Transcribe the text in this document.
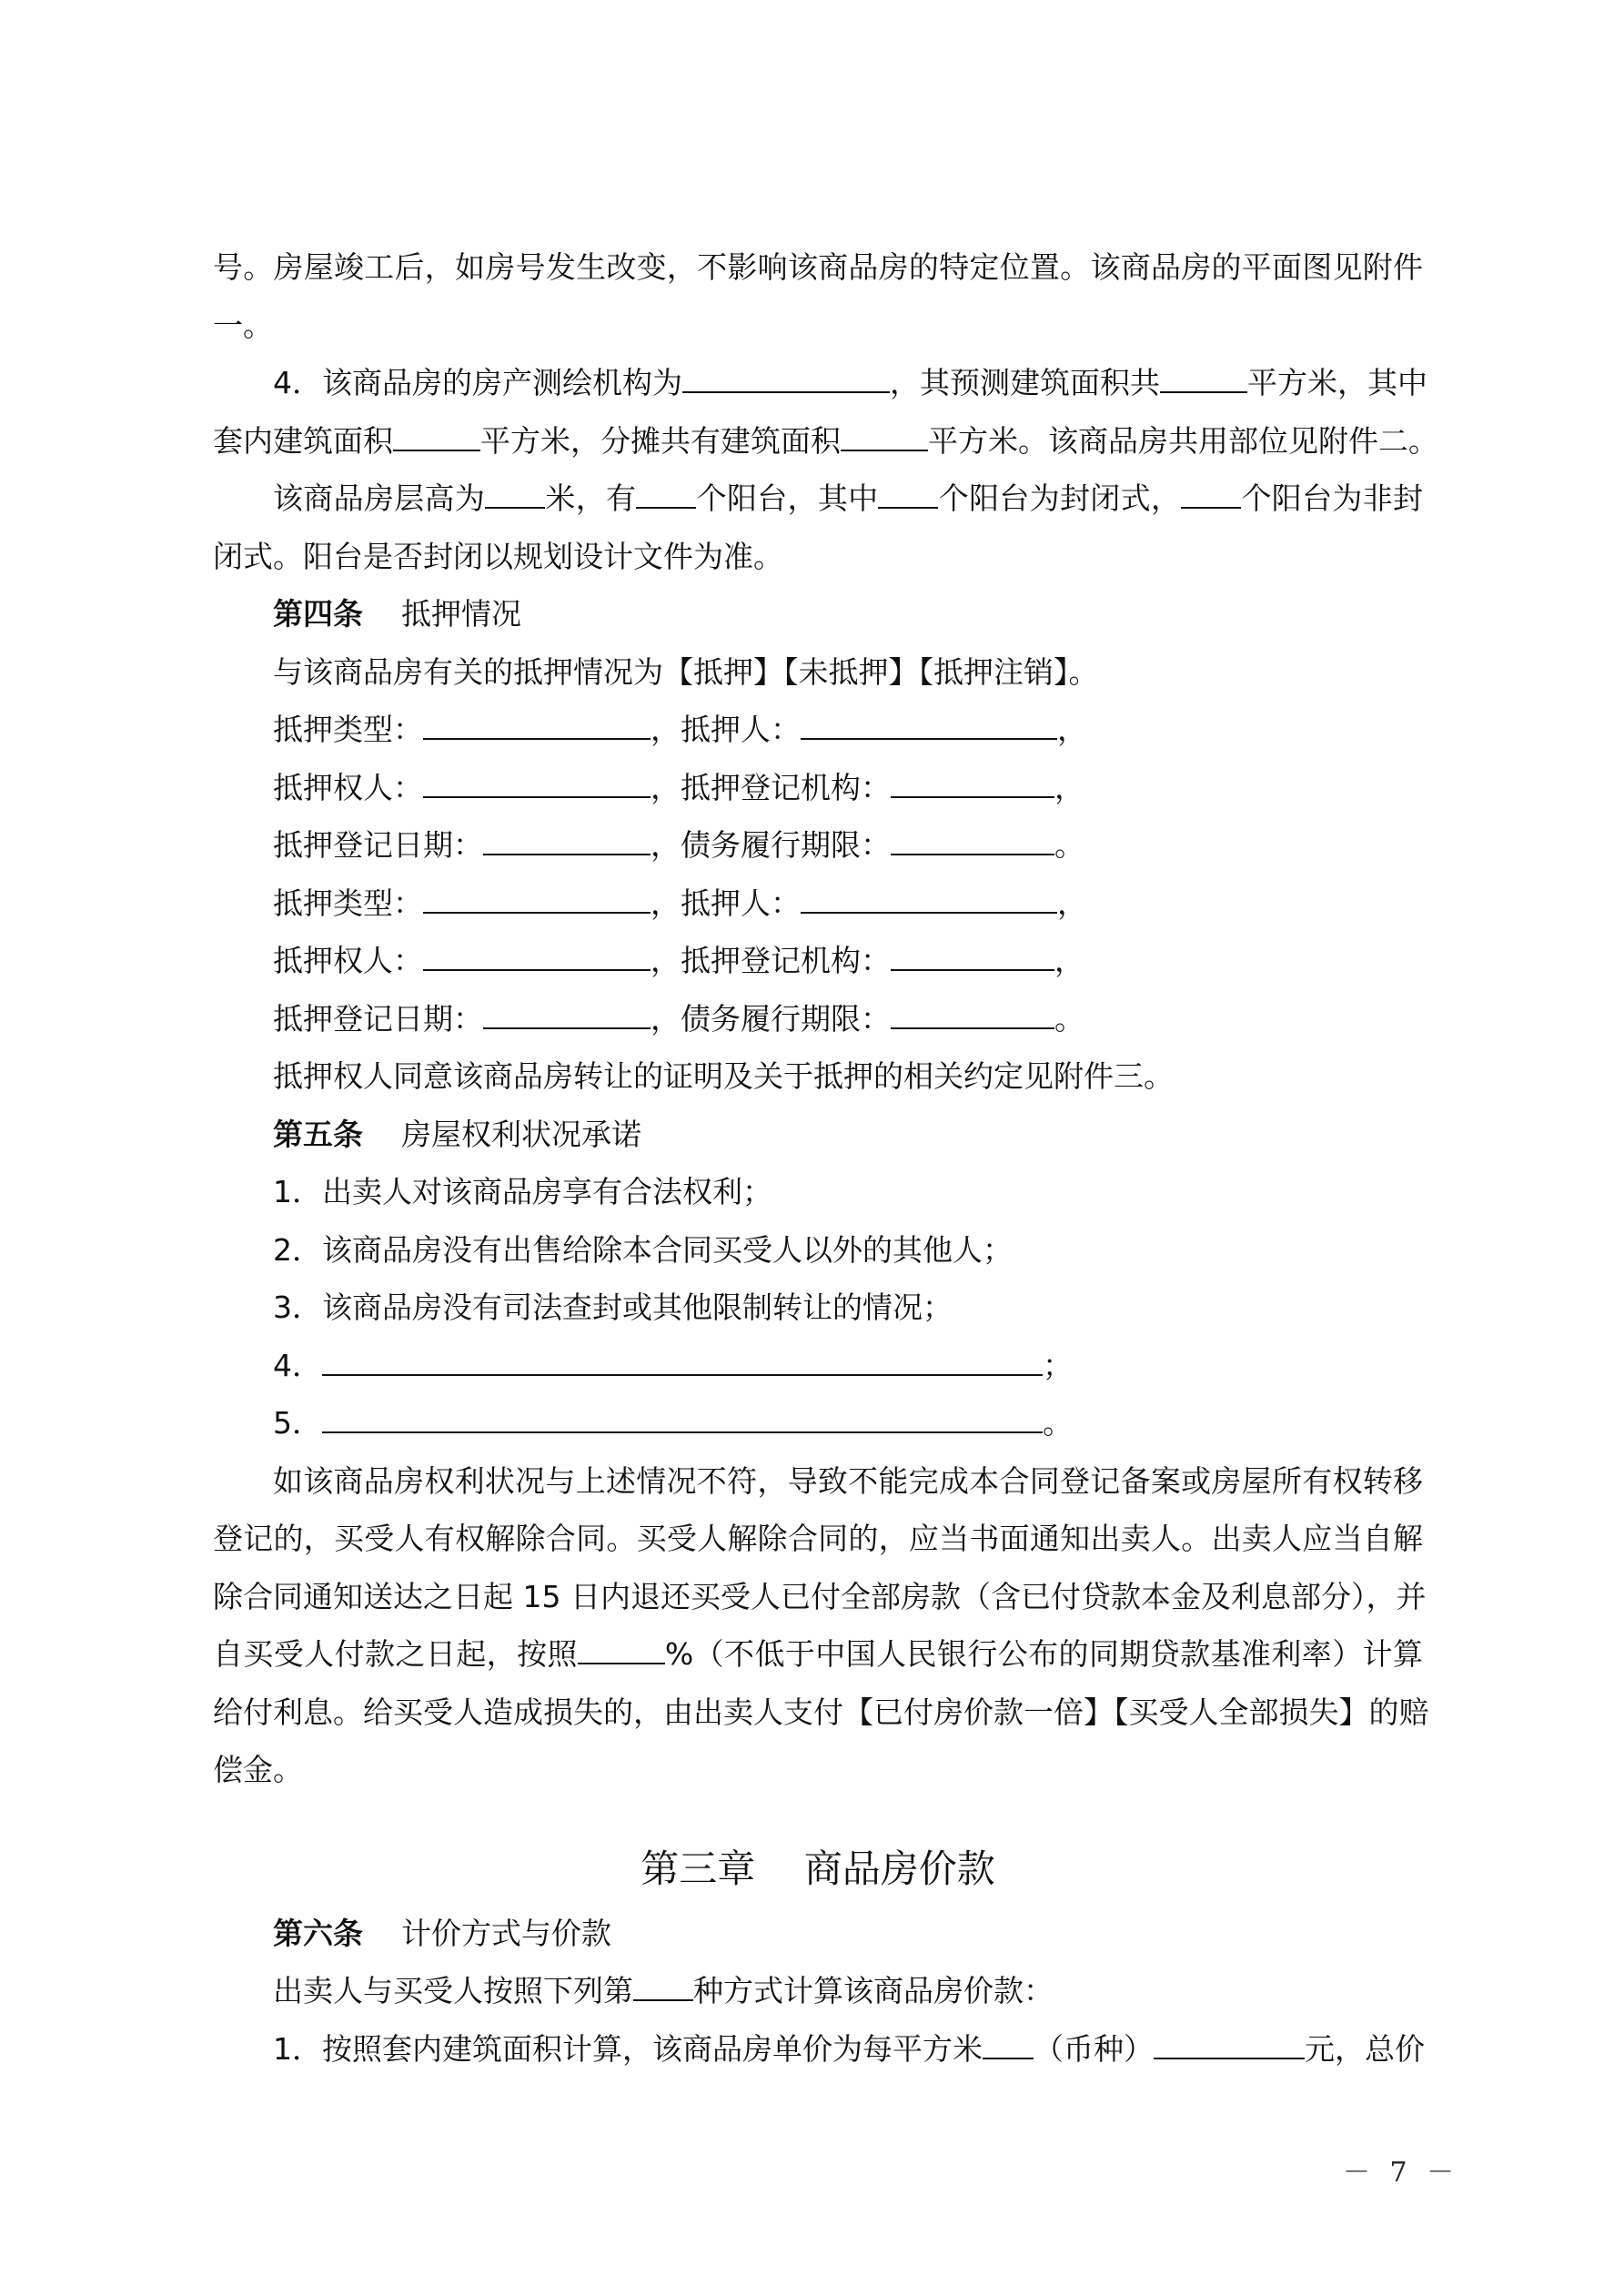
号。房屋竣工后，如房号发生改变，不影响该商品房的特定位置。该商品房的平面图见附件
一。
4．该商品房的房产测绘机构为	，其预测建筑面积共	平方米，其中
套内建筑面积	平方米，分摊共有建筑面积	平方米。该商品房共用部位见附件二。
该商品房层高为 米，有 个阳台，其中 个阳台为封闭式， 个阳台为非封
闭式。阳台是否封闭以规划设计文件为准。
第四条 抵押情况
与该商品房有关的抵押情况为【抵押】【未抵押】【抵押注销】。
抵押类型：	，抵押人：	，
抵押权人：	，抵押登记机构：	，
抵押登记日期：	，债务履行期限：	。
抵押类型：	，抵押人：	，
抵押权人：	，抵押登记机构：	，
抵押登记日期：	，债务履行期限：	。
抵押权人同意该商品房转让的证明及关于抵押的相关约定见附件三。
第五条 房屋权利状况承诺
1．出卖人对该商品房享有合法权利；
2．该商品房没有出售给除本合同买受人以外的其他人；
3．该商品房没有司法查封或其他限制转让的情况；
4．	；
5．	。
如该商品房权利状况与上述情况不符，导致不能完成本合同登记备案或房屋所有权转移
登记的，买受人有权解除合同。买受人解除合同的，应当书面通知出卖人。出卖人应当自解
除合同通知送达之日起 15 日内退还买受人已付全部房款（含已付贷款本金及利息部分），并
自买受人付款之日起，按照	%（不低于中国人民银行公布的同期贷款基准利率）计算
给付利息。给买受人造成损失的，由出卖人支付【已付房价款一倍】【买受人全部损失】的赔
偿金。
第三章    商品房价款
第六条 计价方式与价款
出卖人与买受人按照下列第 种方式计算该商品房价款：
1．按照套内建筑面积计算，该商品房单价为每平方米 （币种）	元，总价
－ 7 －
